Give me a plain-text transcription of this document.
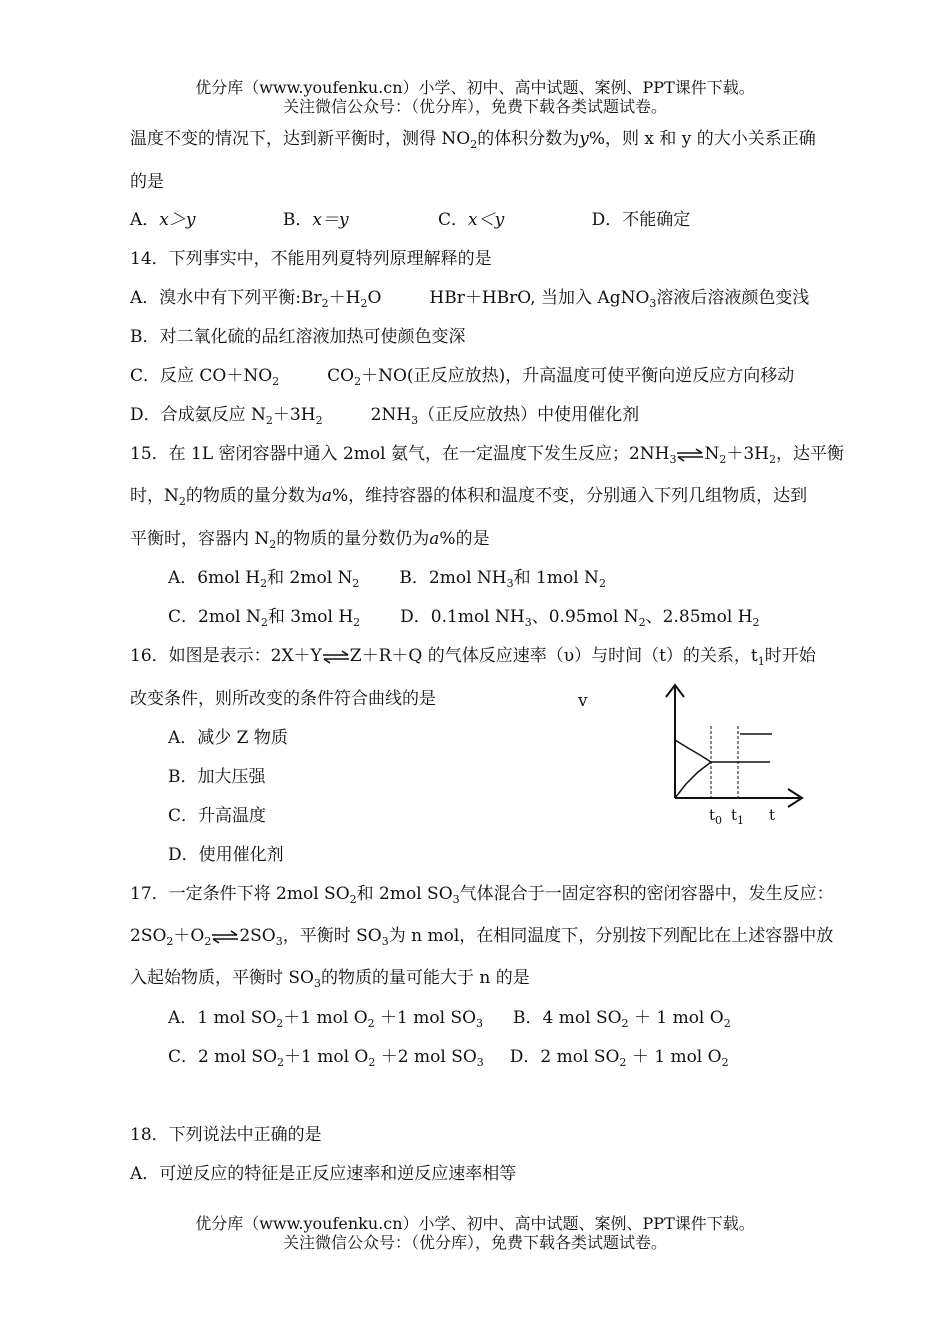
优分库（www.youfenku.cn）小学、初中、高中试题、案例、PPT课件下载。
关注微信公众号：（优分库），免费下载各类试题试卷。
温度不变的情况下，达到新平衡时，测得 $NO_2$的体积分数为y%，则 x 和 y 的大小关系正确
的是
A．x＞y	B．x＝y	C．x＜y	D．不能确定
14．下列事实中，不能用列夏特列原理解释的是
A．溴水中有下列平衡$:Br_2+H_2O$	HBr＋HBrO, 当加入 AgNO$_3$溶液后溶液颜色变浅
B．对二氧化硫的品红溶液加热可使颜色变深
C．反应 $CO+NO_2$	$CO_2+NO$(正反应放热)，升高温度可使平衡向逆反应方向移动
D．合成氨反应 $N_2+3H_2$	$2NH_3$（正反应放热）中使用催化剂
15．在 1L 密闭容器中通入 2mol 氨气，在一定温度下发生反应；$2NH_3\rightleftharpoons N_2+3H_2$，达平衡
时，$N_2$的物质的量分数为a%，维持容器的体积和温度不变，分别通入下列几组物质，达到
平衡时，容器内 $N_2$的物质的量分数仍为a%的是
A．6mol $H_2$和 2mol $N_2$ B．2mol $NH_3$和 1mol $N_2$
C．2mol $N_2$和 3mol $H_2$ D．0.1mol $NH_3$、0.95mol $N_2$、2.85mol $H_2$
16．如图是表示：2X＋Y⇌Z＋R＋Q 的气体反应速率（υ）与时间（t）的关系，$t_1$时开始
改变条件，则所改变的条件符合曲线的是
A．减少 Z 物质
B．加大压强
C．升高温度
D．使用催化剂
v
$t_0$ $t_1$ t
17．一定条件下将 2mol $SO_2$和 2mol $SO_3$气体混合于一固定容积的密闭容器中，发生反应：
$2SO_2+O_2\rightleftharpoons 2SO_3$，平衡时 $SO_3$为 n mol，在相同温度下，分别按下列配比在上述容器中放
入起始物质，平衡时 $SO_3$的物质的量可能大于 n 的是
A．1 mol $SO_2+1$ mol $O_2 +1$ mol $SO_3$ B．4 mol $SO_2 + 1$ mol $O_2$
C．2 mol $SO_2+1$ mol $O_2 +2$ mol $SO_3$ D．2 mol $SO_2 + 1$ mol $O_2$
18．下列说法中正确的是
A．可逆反应的特征是正反应速率和逆反应速率相等
优分库（www.youfenku.cn）小学、初中、高中试题、案例、PPT课件下载。
关注微信公众号：（优分库），免费下载各类试题试卷。
